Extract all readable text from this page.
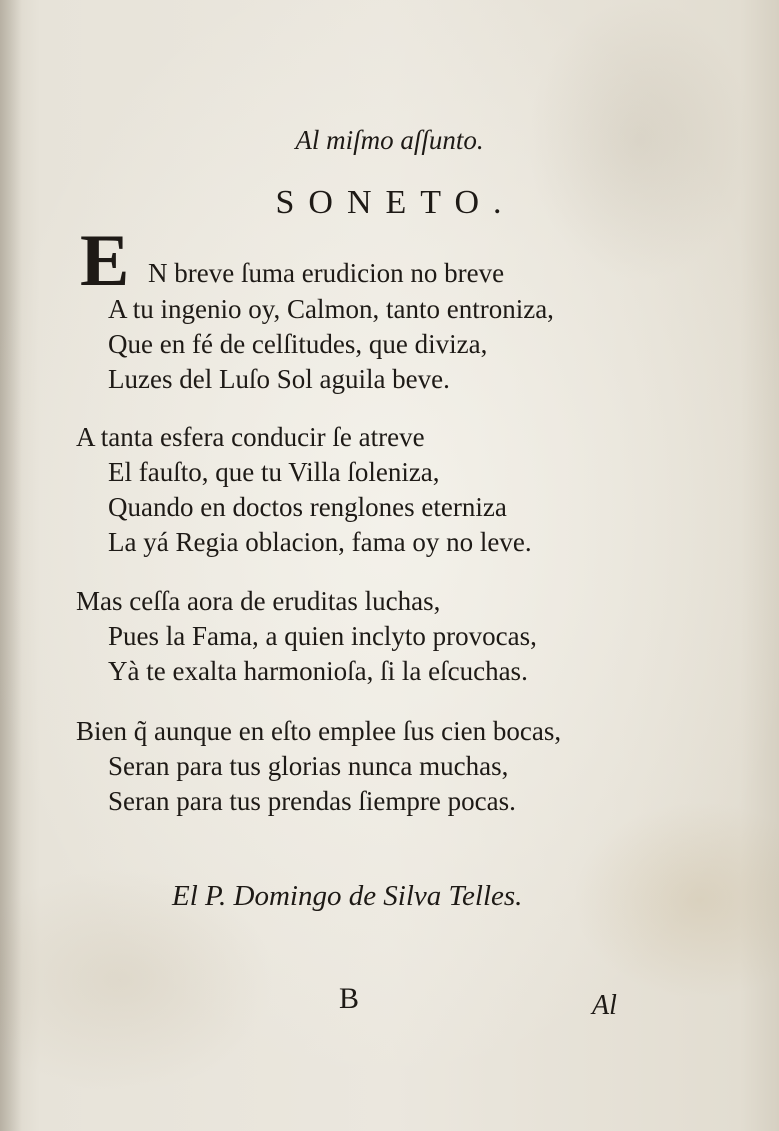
Al miſmo aſſunto.
SONETO.
E N breve ſuma erudicion no breve
A tu ingenio oy, Calmon, tanto entroniza,
Que en fé de celſitudes, que diviza,
Luzes del Luſo Sol aguila beve.
A tanta esfera conducir ſe atreve
El fauſto, que tu Villa ſoleniza,
Quando en doctos renglones eterniza
La yá Regia oblacion, fama oy no leve.
Mas ceſſa aora de eruditas luchas,
Pues la Fama, a quien inclyto provocas,
Yà te exalta harmonioſa, ſi la eſcuchas.
Bien q̃ aunque en eſto emplee ſus cien bocas,
Seran para tus glorias nunca muchas,
Seran para tus prendas ſiempre pocas.
El P. Domingo de Silva Telles.
B	Al
